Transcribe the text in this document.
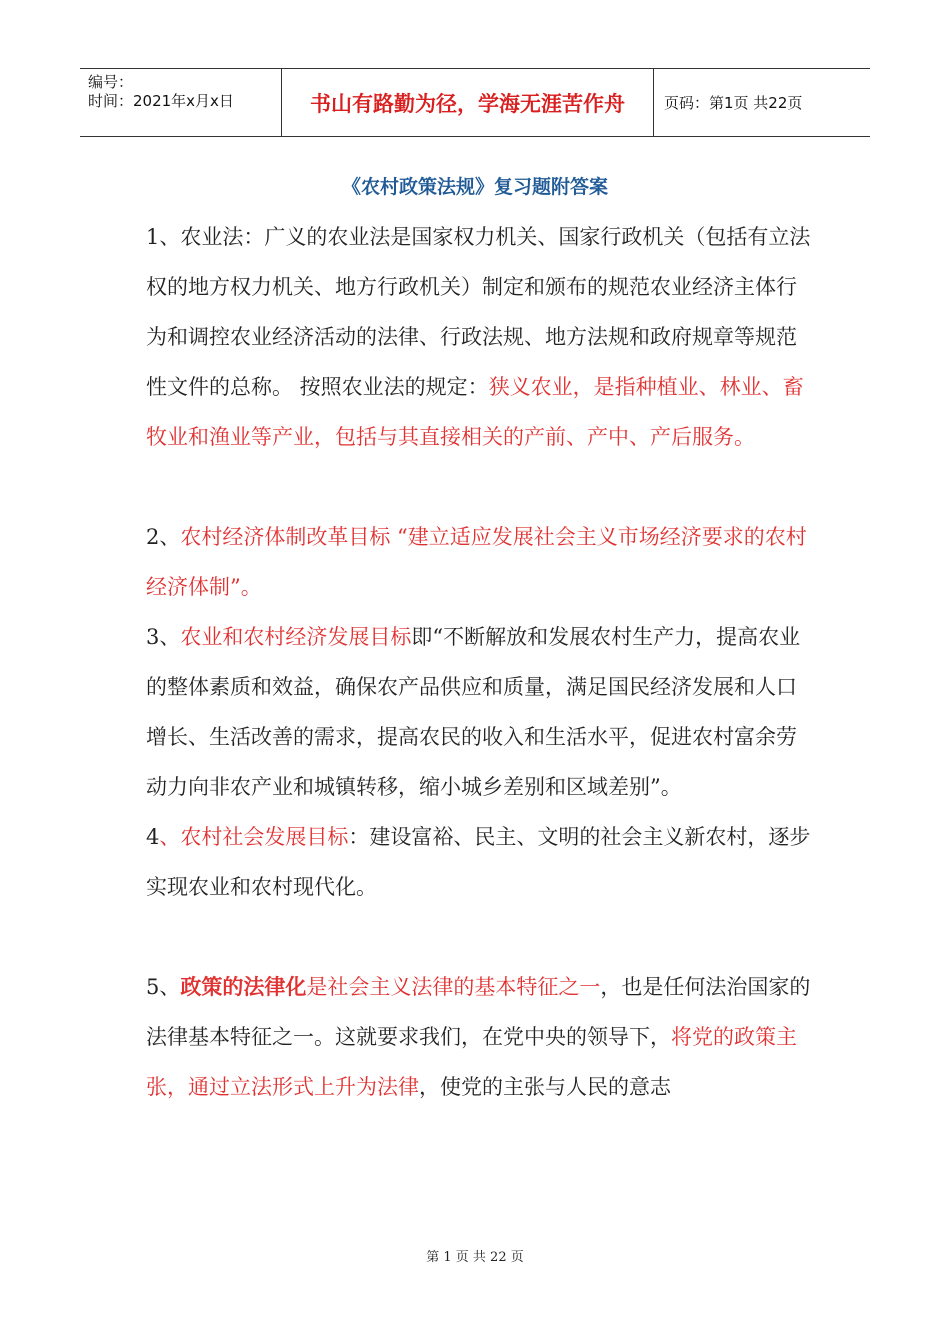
编号：
时间：2021年x月x日	书山有路勤为径，学海无涯苦作舟	页码：第1页 共22页
《农村政策法规》复习题附答案

1、农业法：广义的农业法是国家权力机关、国家行政机关（包括有立法权的地方权力机关、地方行政机关）制定和颁布的规范农业经济主体行为和调控农业经济活动的法律、行政法规、地方法规和政府规章等规范性文件的总称。 按照农业法的规定：狭义农业，是指种植业、林业、畜牧业和渔业等产业，包括与其直接相关的产前、产中、产后服务。

2、农村经济体制改革目标 “建立适应发展社会主义市场经济要求的农村经济体制”。

3、农业和农村经济发展目标即“不断解放和发展农村生产力，提高农业的整体素质和效益，确保农产品供应和质量，满足国民经济发展和人口增长、生活改善的需求，提高农民的收入和生活水平，促进农村富余劳动力向非农产业和城镇转移，缩小城乡差别和区域差别”。

4、农村社会发展目标：建设富裕、民主、文明的社会主义新农村，逐步实现农业和农村现代化。

5、政策的法律化是社会主义法律的基本特征之一，也是任何法治国家的法律基本特征之一。这就要求我们，在党中央的领导下，将党的政策主张，通过立法形式上升为法律，使党的主张与人民的意志

第 1 页 共 22 页
